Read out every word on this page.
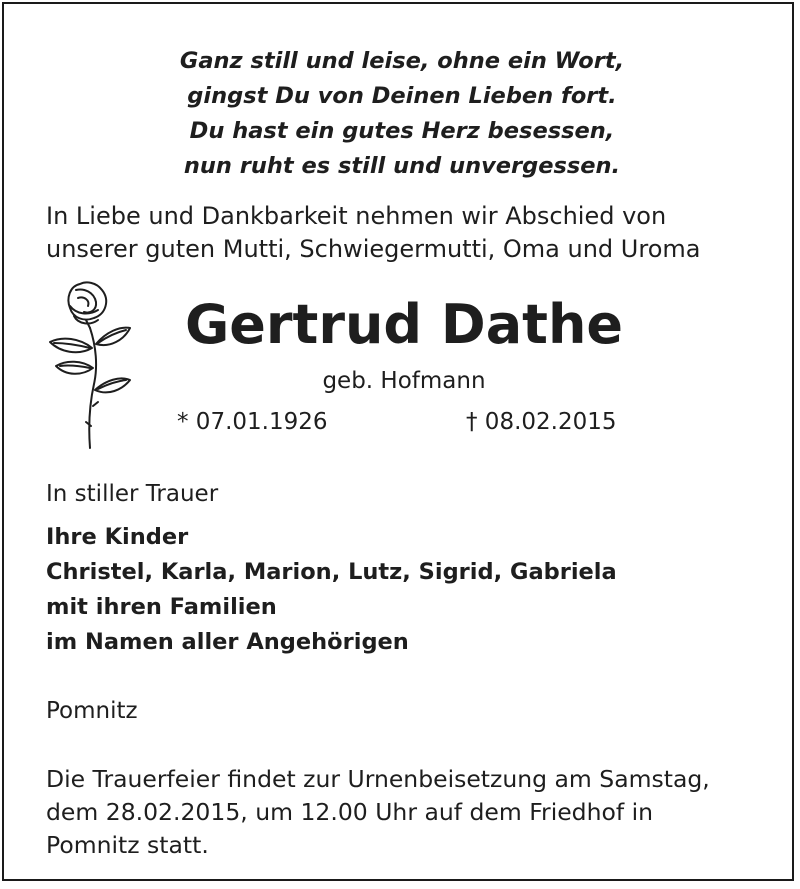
Ganz still und leise, ohne ein Wort,
gingst Du von Deinen Lieben fort.
Du hast ein gutes Herz besessen,
nun ruht es still und unvergessen.
In Liebe und Dankbarkeit nehmen wir Abschied von
unserer guten Mutti, Schwiegermutti, Oma und Uroma
Gertrud Dathe
geb. Hofmann
* 07.01.1926	† 08.02.2015
In stiller Trauer
Ihre Kinder
Christel, Karla, Marion, Lutz, Sigrid, Gabriela
mit ihren Familien
im Namen aller Angehörigen
Pomnitz
Die Trauerfeier findet zur Urnenbeisetzung am Samstag,
dem 28.02.2015, um 12.00 Uhr auf dem Friedhof in
Pomnitz statt.
